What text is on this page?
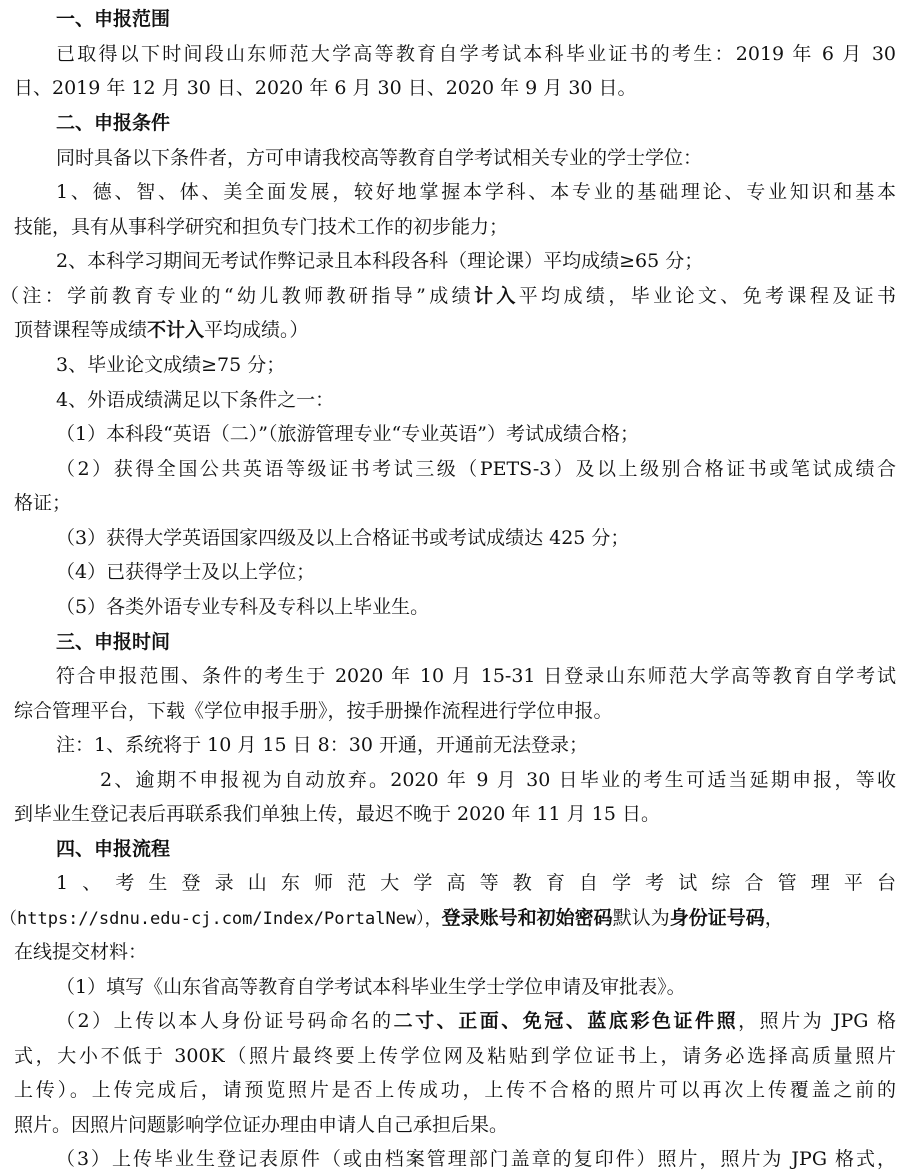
一、申报范围
已取得以下时间段山东师范大学高等教育自学考试本科毕业证书的考生：2019 年 6 月 30
日、2019 年 12 月 30 日、2020 年 6 月 30 日、2020 年 9 月 30 日。
二、申报条件
同时具备以下条件者，方可申请我校高等教育自学考试相关专业的学士学位：
1、德、智、体、美全面发展，较好地掌握本学科、本专业的基础理论、专业知识和基本
技能，具有从事科学研究和担负专门技术工作的初步能力；
2、本科学习期间无考试作弊记录且本科段各科（理论课）平均成绩≥65 分；
（注：学前教育专业的“幼儿教师教研指导”成绩计入平均成绩，毕业论文、免考课程及证书
顶替课程等成绩不计入平均成绩。）
3、毕业论文成绩≥75 分；
4、外语成绩满足以下条件之一：
（1）本科段“英语（二）”（旅游管理专业“专业英语”）考试成绩合格；
（2）获得全国公共英语等级证书考试三级（PETS-3）及以上级别合格证书或笔试成绩合
格证；
（3）获得大学英语国家四级及以上合格证书或考试成绩达 425 分；
（4）已获得学士及以上学位；
（5）各类外语专业专科及专科以上毕业生。
三、申报时间
符合申报范围、条件的考生于 2020 年 10 月 15-31 日登录山东师范大学高等教育自学考试
综合管理平台，下载《学位申报手册》，按手册操作流程进行学位申报。
注：1、系统将于 10 月 15 日 8：30 开通，开通前无法登录；
2、逾期不申报视为自动放弃。2020 年 9 月 30 日毕业的考生可适当延期申报，等收
到毕业生登记表后再联系我们单独上传，最迟不晚于 2020 年 11 月 15 日。
四、申报流程
1、考生登录山东师范大学高等教育自学考试综合管理平台
（https://sdnu.edu-cj.com/Index/PortalNew），登录账号和初始密码默认为身份证号码，
在线提交材料：
（1）填写《山东省高等教育自学考试本科毕业生学士学位申请及审批表》。
（2）上传以本人身份证号码命名的二寸、正面、免冠、蓝底彩色证件照，照片为 JPG 格
式，大小不低于 300K（照片最终要上传学位网及粘贴到学位证书上，请务必选择高质量照片
上传）。上传完成后，请预览照片是否上传成功，上传不合格的照片可以再次上传覆盖之前的
照片。因照片问题影响学位证办理由申请人自己承担后果。
（3）上传毕业生登记表原件（或由档案管理部门盖章的复印件）照片，照片为 JPG 格式，
